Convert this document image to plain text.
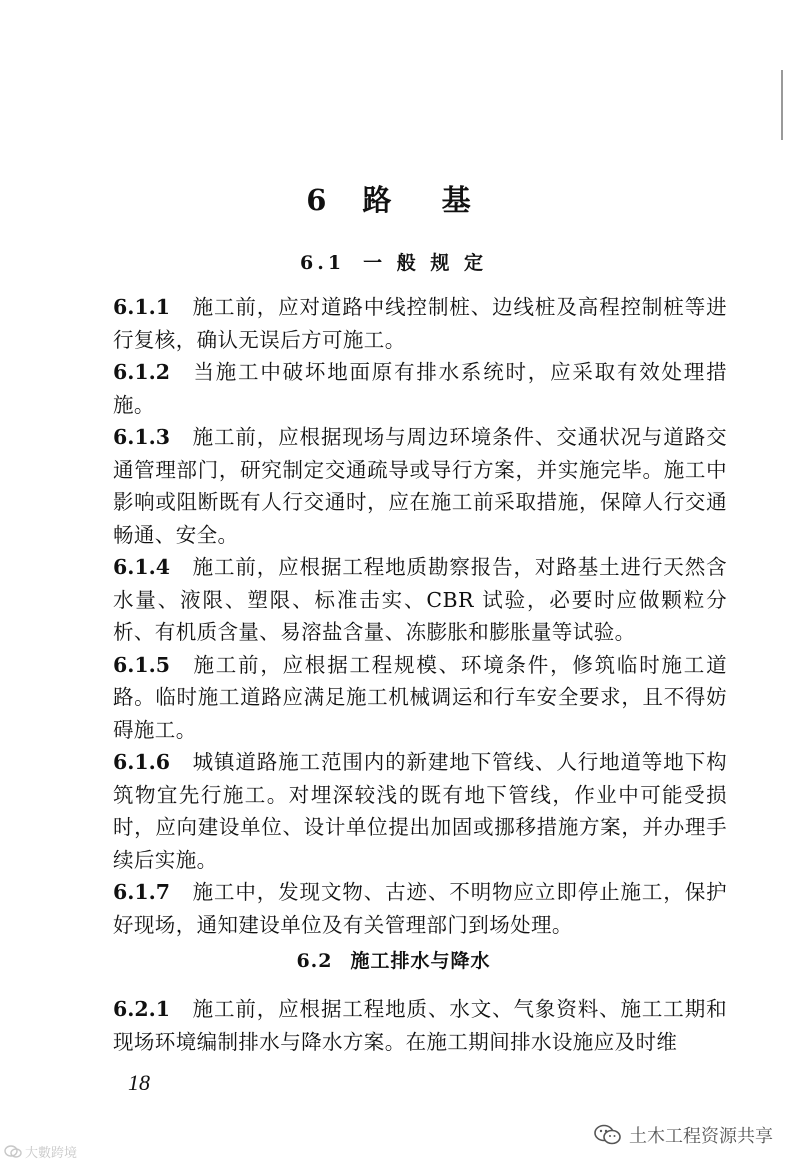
6 路  基
6.1 一 般 规 定

6.1.1 施工前，应对道路中线控制桩、边线桩及高程控制桩等进行复核，确认无误后方可施工。

6.1.2 当施工中破坏地面原有排水系统时，应采取有效处理措施。

6.1.3 施工前，应根据现场与周边环境条件、交通状况与道路交通管理部门，研究制定交通疏导或导行方案，并实施完毕。施工中影响或阻断既有人行交通时，应在施工前采取措施，保障人行交通畅通、安全。

6.1.4 施工前，应根据工程地质勘察报告，对路基土进行天然含水量、液限、塑限、标准击实、CBR 试验，必要时应做颗粒分析、有机质含量、易溶盐含量、冻膨胀和膨胀量等试验。

6.1.5 施工前，应根据工程规模、环境条件，修筑临时施工道路。临时施工道路应满足施工机械调运和行车安全要求，且不得妨碍施工。

6.1.6 城镇道路施工范围内的新建地下管线、人行地道等地下构筑物宜先行施工。对埋深较浅的既有地下管线，作业中可能受损时，应向建设单位、设计单位提出加固或挪移措施方案，并办理手续后实施。

6.1.7 施工中，发现文物、古迹、不明物应立即停止施工，保护好现场，通知建设单位及有关管理部门到场处理。

6.2 施工排水与降水

6.2.1 施工前，应根据工程地质、水文、气象资料、施工工期和现场环境编制排水与降水方案。在施工期间排水设施应及时维

18
大數跨境
土木工程资源共享
